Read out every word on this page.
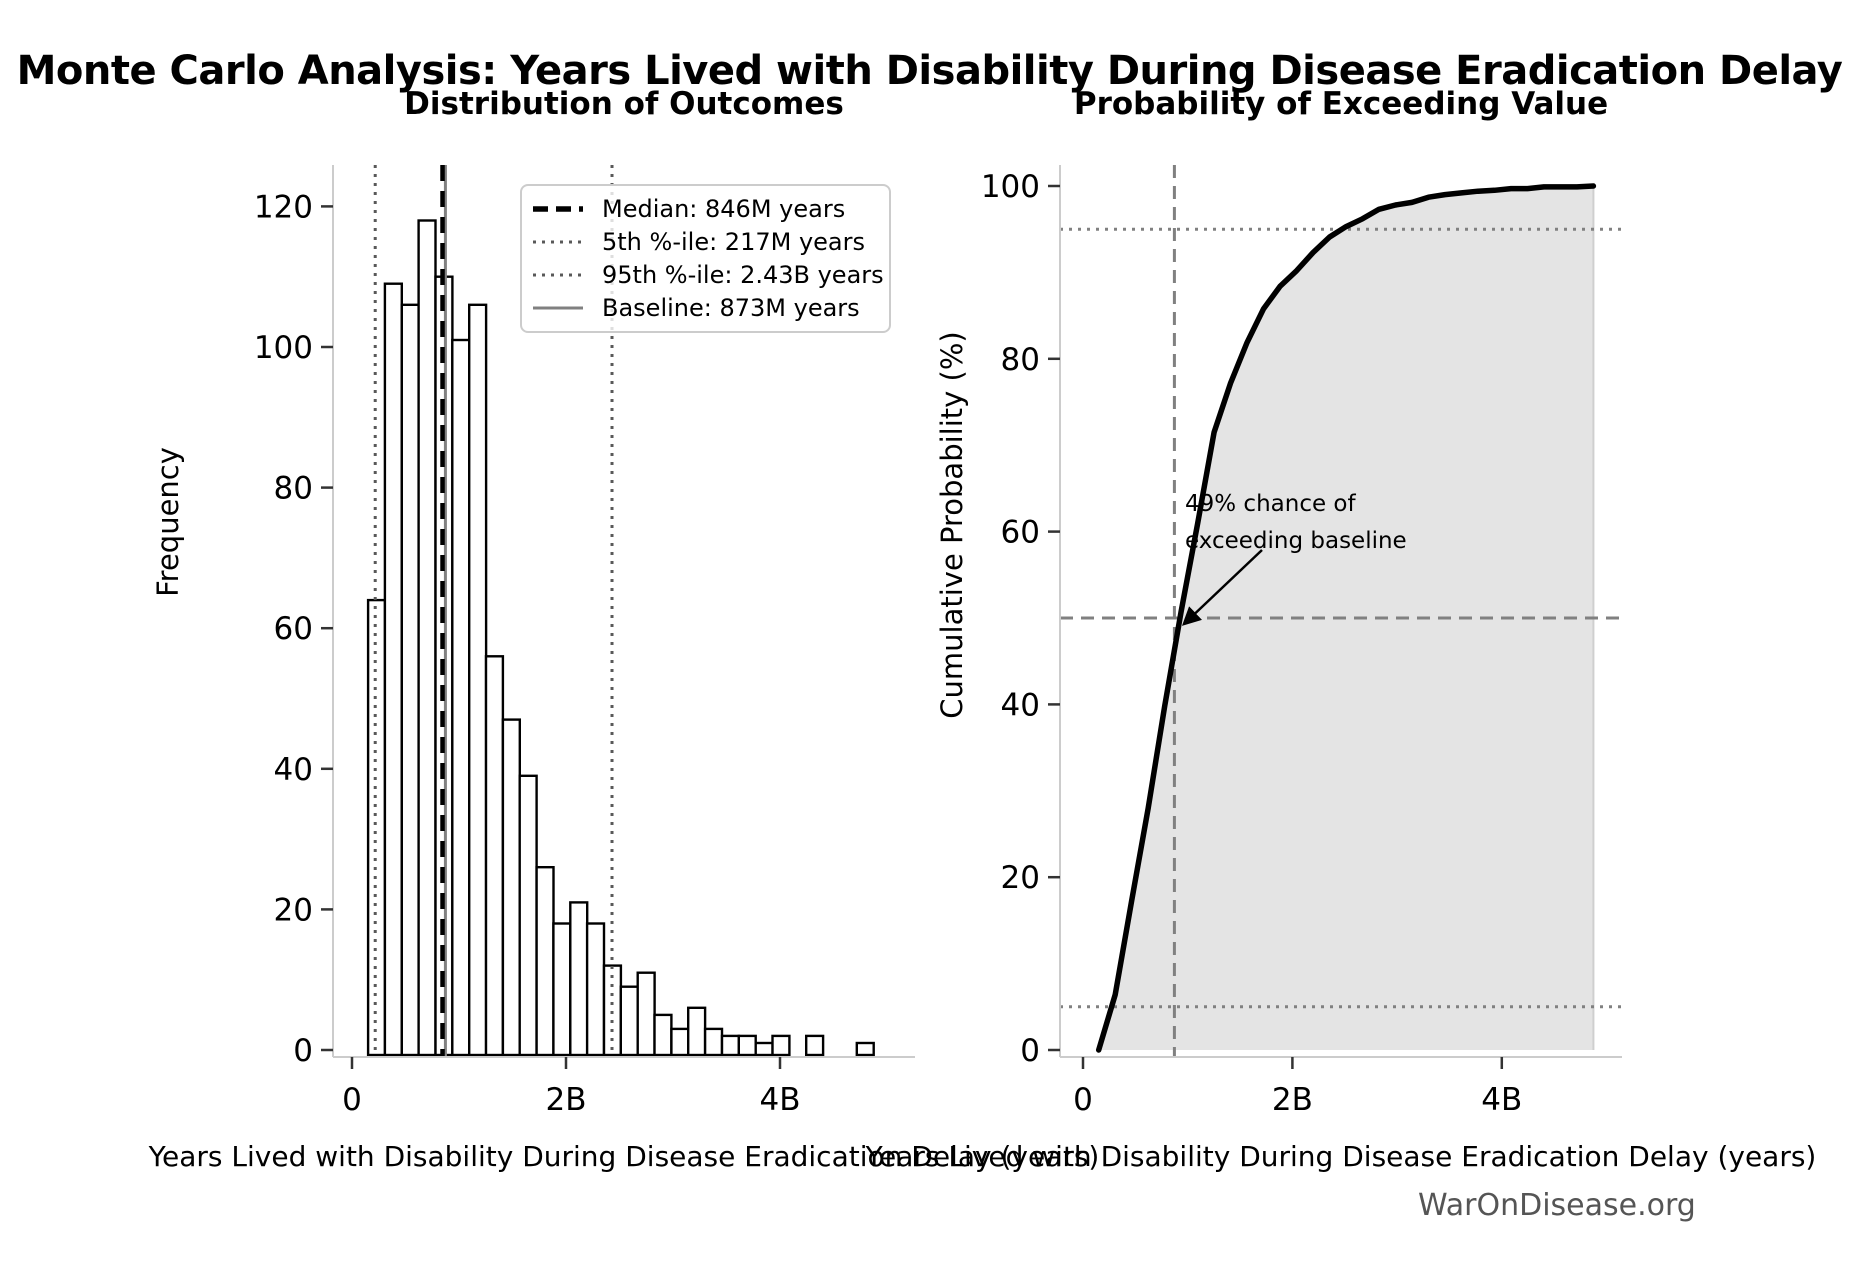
0	2B	4B
0
20
40
60
80
100
120
0	2B	4B
0
20
40
60
80
100
Monte Carlo Analysis: Years Lived with Disability During Disease Eradication Delay
Distribution of Outcomes	Probability of Exceeding Value
Frequency	Cumulative Probability (%)
Years Lived with Disability During Disease Eradication Delay (years)
Years Lived with Disability During Disease Eradication Delay (years)
Median: 846M years
5th %-ile: 217M years
95th %-ile: 2.43B years
Baseline: 873M years
49% chance of
exceeding baseline
WarOnDisease.org
